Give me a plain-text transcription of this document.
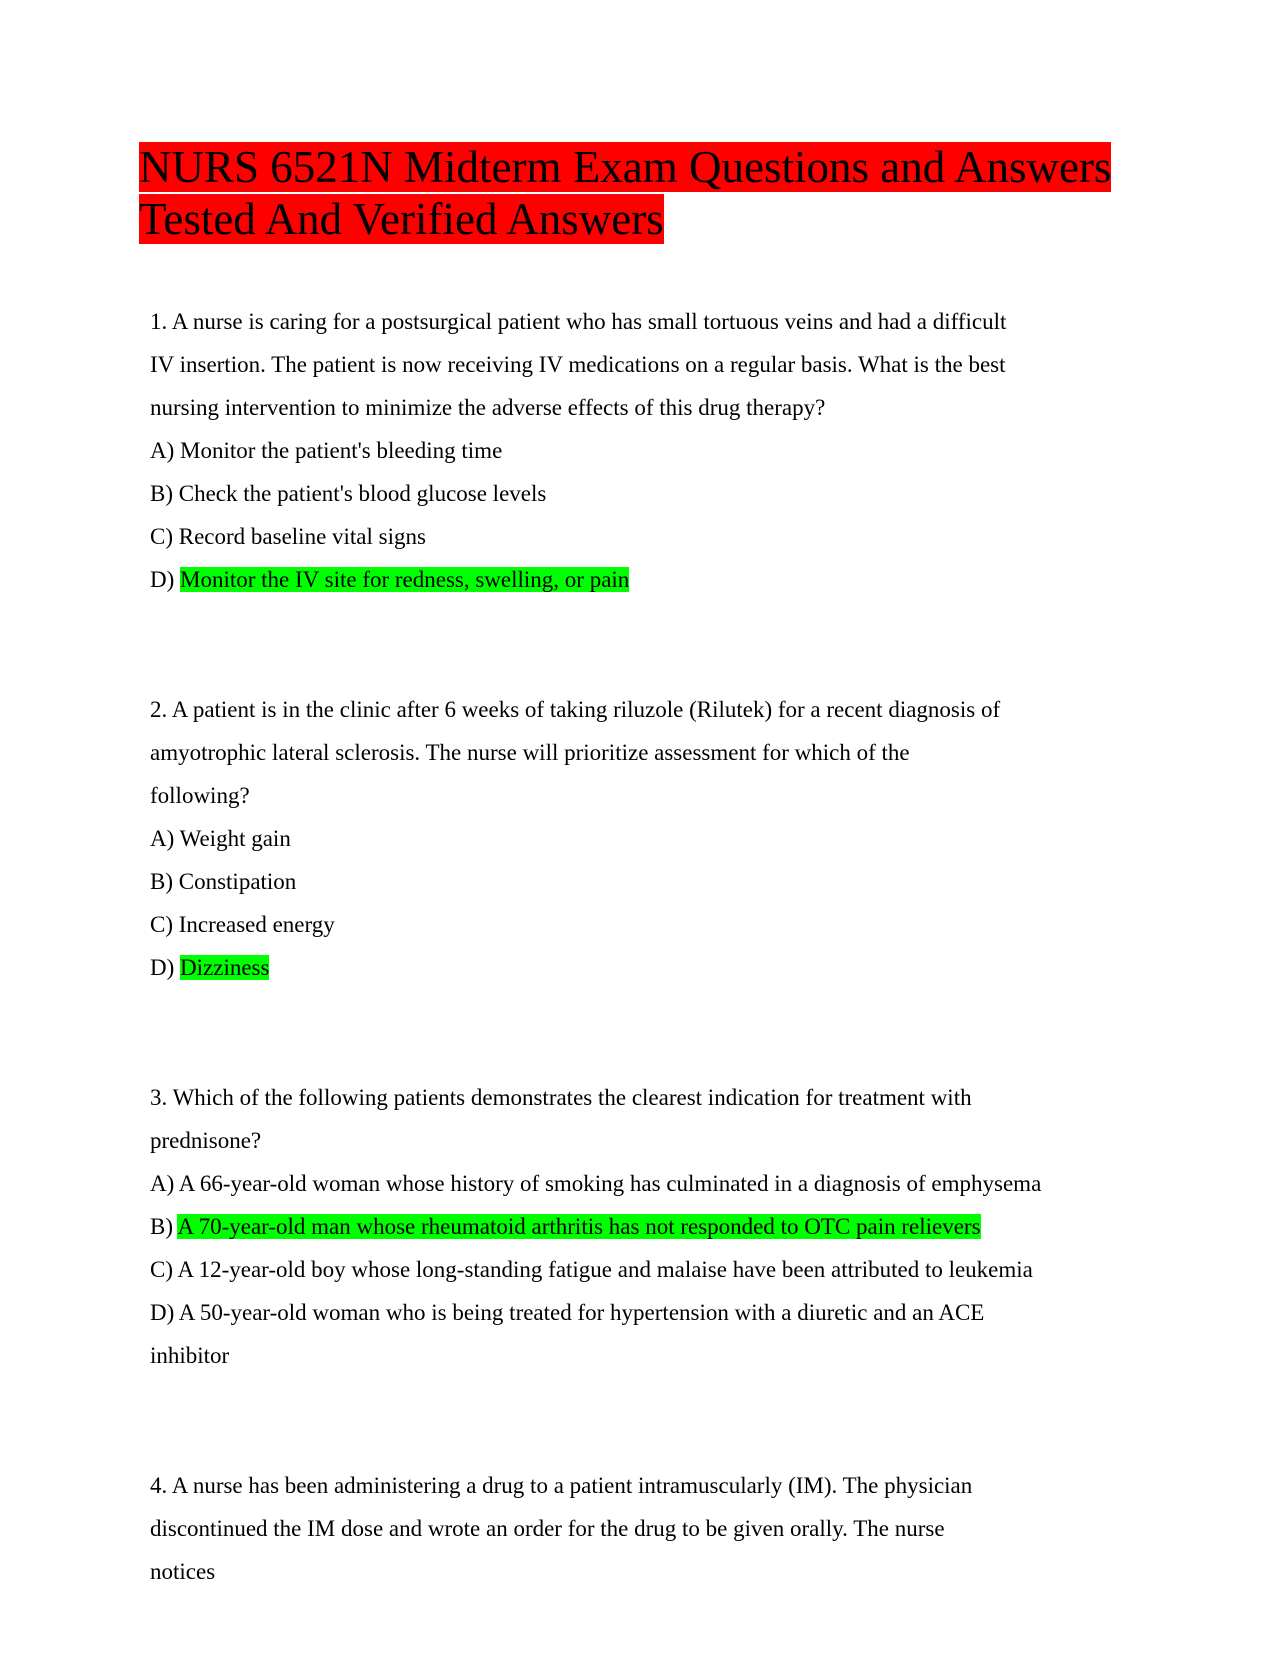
NURS 6521N Midterm Exam Questions and Answers
Tested And Verified Answers

1. A nurse is caring for a postsurgical patient who has small tortuous veins and had a difficult

IV insertion. The patient is now receiving IV medications on a regular basis. What is the best

nursing intervention to minimize the adverse effects of this drug therapy?

A) Monitor the patient's bleeding time

B) Check the patient's blood glucose levels

C) Record baseline vital signs

D) Monitor the IV site for redness, swelling, or pain

2. A patient is in the clinic after 6 weeks of taking riluzole (Rilutek) for a recent diagnosis of

amyotrophic lateral sclerosis. The nurse will prioritize assessment for which of the

following?

A) Weight gain

B) Constipation

C) Increased energy

D) Dizziness

3. Which of the following patients demonstrates the clearest indication for treatment with

prednisone?

A) A 66-year-old woman whose history of smoking has culminated in a diagnosis of emphysema

B) A 70-year-old man whose rheumatoid arthritis has not responded to OTC pain relievers

C) A 12-year-old boy whose long-standing fatigue and malaise have been attributed to leukemia

D) A 50-year-old woman who is being treated for hypertension with a diuretic and an ACE

inhibitor

4. A nurse has been administering a drug to a patient intramuscularly (IM). The physician

discontinued the IM dose and wrote an order for the drug to be given orally. The nurse

notices
